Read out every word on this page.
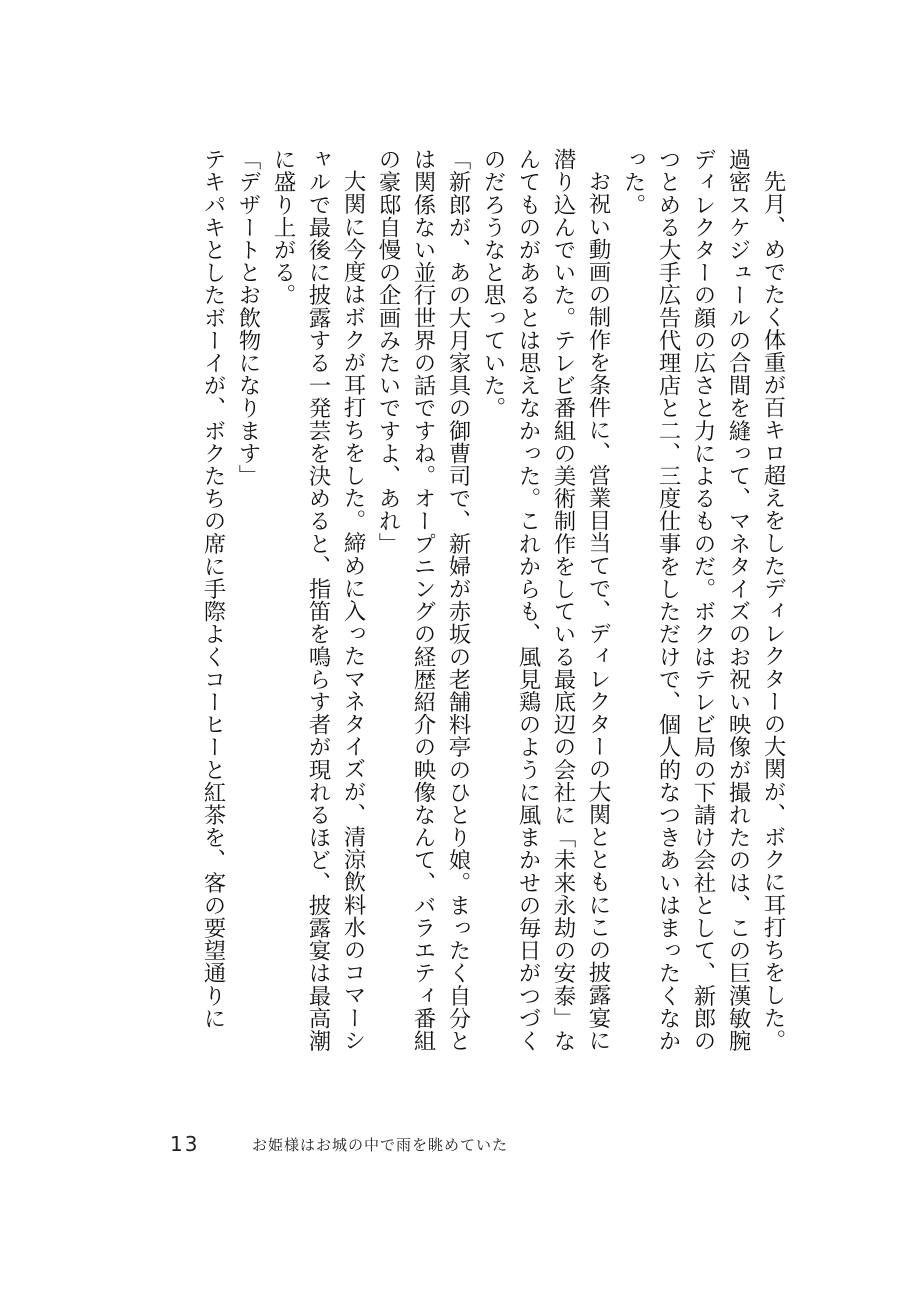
先月、めでたく体重が百キロ超えをしたディレクターの大関が、ボクに耳打ちをした。

過密スケジュールの合間を縫って、マネタイズのお祝い映像が撮れたのは、この巨漢敏腕ディレクターの顔の広さと力によるものだ。ボクはテレビ局の下請け会社として、新郎のつとめる大手広告代理店と二、三度仕事をしただけで、個人的なつきあいはまったくなかった。

お祝い動画の制作を条件に、営業目当てで、ディレクターの大関とともにこの披露宴に潜り込んでいた。テレビ番組の美術制作をしている最底辺の会社に「未来永劫の安泰」なんてものがあるとは思えなかった。これからも、風見鶏のように風まかせの毎日がつづくのだろうなと思っていた。

「新郎が、あの大月家具の御曹司で、新婦が赤坂の老舗料亭のひとり娘。まったく自分とは関係ない並行世界の話ですね。オープニングの経歴紹介の映像なんて、バラエティ番組の豪邸自慢の企画みたいですよ、あれ」

大関に今度はボクが耳打ちをした。締めに入ったマネタイズが、清涼飲料水のコマーシャルで最後に披露する一発芸を決めると、指笛を鳴らす者が現れるほど、披露宴は最高潮に盛り上がる。

「デザートとお飲物になります」

テキパキとしたボーイが、ボクたちの席に手際よくコーヒーと紅茶を、客の要望通りに

13	お姫様はお城の中で雨を眺めていた
